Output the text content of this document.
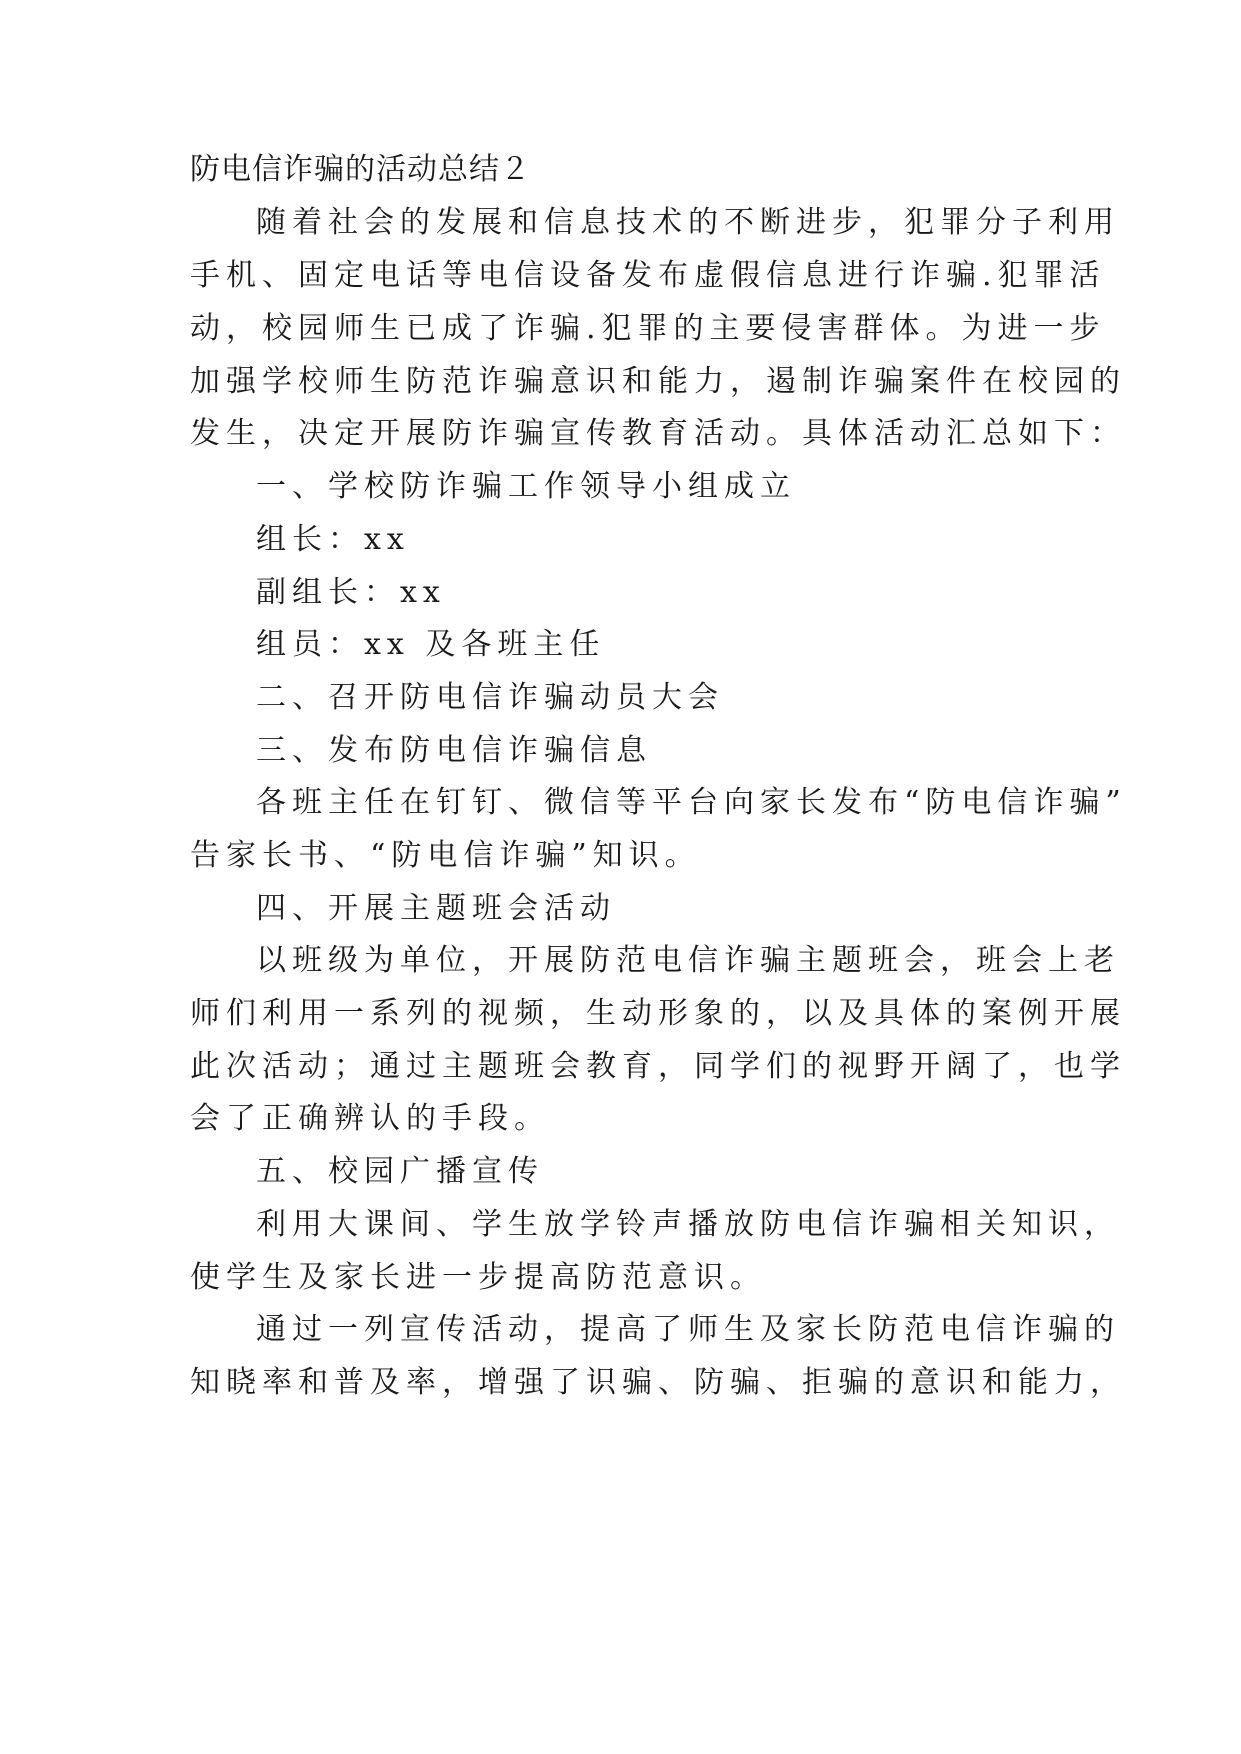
防电信诈骗的活动总结２
随着社会的发展和信息技术的不断进步，犯罪分子利用
手机、固定电话等电信设备发布虚假信息进行诈骗.犯罪活
动，校园师生已成了诈骗.犯罪的主要侵害群体。为进一步
加强学校师生防范诈骗意识和能力，遏制诈骗案件在校园的
发生，决定开展防诈骗宣传教育活动。具体活动汇总如下：
一、学校防诈骗工作领导小组成立
组长：xx
副组长：xx
组员：xx 及各班主任
二、召开防电信诈骗动员大会
三、发布防电信诈骗信息
各班主任在钉钉、微信等平台向家长发布“防电信诈骗”
告家长书、“防电信诈骗”知识。
四、开展主题班会活动
以班级为单位，开展防范电信诈骗主题班会，班会上老
师们利用一系列的视频，生动形象的，以及具体的案例开展
此次活动；通过主题班会教育，同学们的视野开阔了，也学
会了正确辨认的手段。
五、校园广播宣传
利用大课间、学生放学铃声播放防电信诈骗相关知识，
使学生及家长进一步提高防范意识。
通过一列宣传活动，提高了师生及家长防范电信诈骗的
知晓率和普及率，增强了识骗、防骗、拒骗的意识和能力，
